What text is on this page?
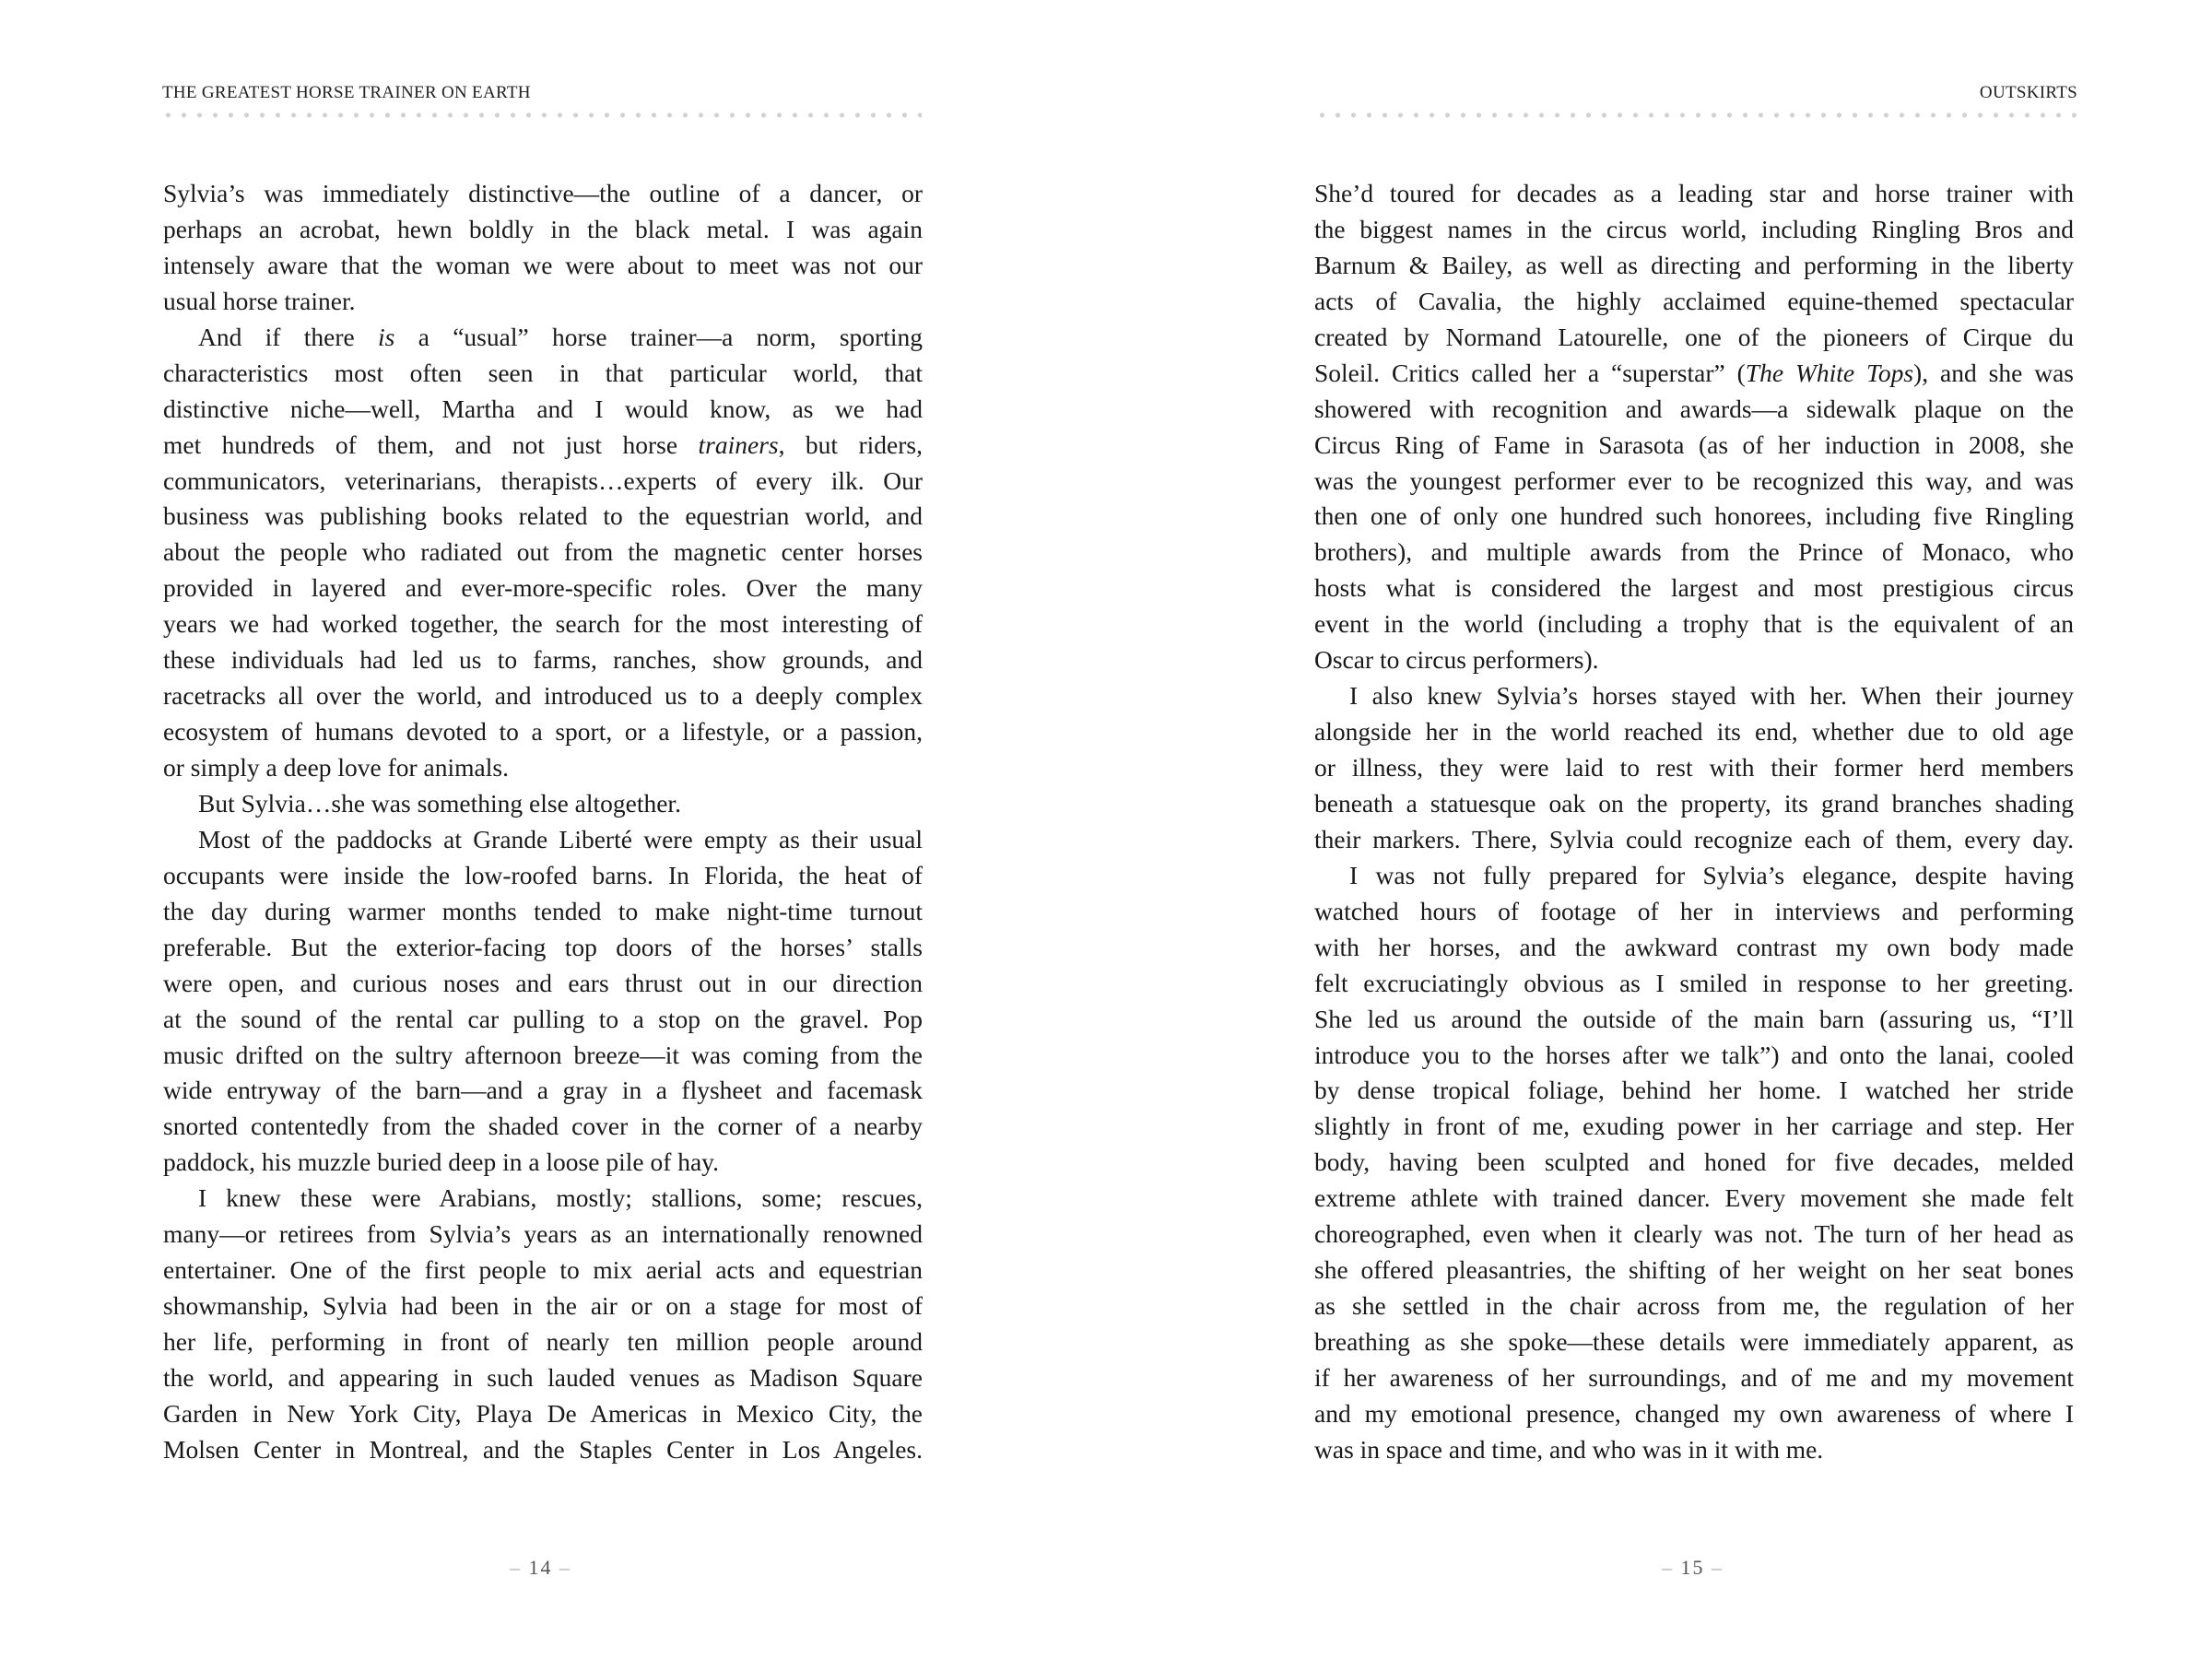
THE GREATEST HORSE TRAINER ON EARTH
Sylvia’s was immediately distinctive—the outline of a dancer, or
perhaps an acrobat, hewn boldly in the black metal. I was again
intensely aware that the woman we were about to meet was not our
usual horse trainer.
And if there is a “usual” horse trainer—a norm, sporting
characteristics most often seen in that particular world, that
distinctive niche—well, Martha and I would know, as we had
met hundreds of them, and not just horse trainers, but riders,
communicators, veterinarians, therapists…experts of every ilk. Our
business was publishing books related to the equestrian world, and
about the people who radiated out from the magnetic center horses
provided in layered and ever-more-specific roles. Over the many
years we had worked together, the search for the most interesting of
these individuals had led us to farms, ranches, show grounds, and
racetracks all over the world, and introduced us to a deeply complex
ecosystem of humans devoted to a sport, or a lifestyle, or a passion,
or simply a deep love for animals.
But Sylvia…she was something else altogether.
Most of the paddocks at Grande Liberté were empty as their usual
occupants were inside the low-roofed barns. In Florida, the heat of
the day during warmer months tended to make night-time turnout
preferable. But the exterior-facing top doors of the horses’ stalls
were open, and curious noses and ears thrust out in our direction
at the sound of the rental car pulling to a stop on the gravel. Pop
music drifted on the sultry afternoon breeze—it was coming from the
wide entryway of the barn—and a gray in a flysheet and facemask
snorted contentedly from the shaded cover in the corner of a nearby
paddock, his muzzle buried deep in a loose pile of hay.
I knew these were Arabians, mostly; stallions, some; rescues,
many—or retirees from Sylvia’s years as an internationally renowned
entertainer. One of the first people to mix aerial acts and equestrian
showmanship, Sylvia had been in the air or on a stage for most of
her life, performing in front of nearly ten million people around
the world, and appearing in such lauded venues as Madison Square
Garden in New York City, Playa De Americas in Mexico City, the
Molsen Center in Montreal, and the Staples Center in Los Angeles.
– 14 –
OUTSKIRTS
She’d toured for decades as a leading star and horse trainer with
the biggest names in the circus world, including Ringling Bros and
Barnum & Bailey, as well as directing and performing in the liberty
acts of Cavalia, the highly acclaimed equine-themed spectacular
created by Normand Latourelle, one of the pioneers of Cirque du
Soleil. Critics called her a “superstar” (The White Tops), and she was
showered with recognition and awards—a sidewalk plaque on the
Circus Ring of Fame in Sarasota (as of her induction in 2008, she
was the youngest performer ever to be recognized this way, and was
then one of only one hundred such honorees, including five Ringling
brothers), and multiple awards from the Prince of Monaco, who
hosts what is considered the largest and most prestigious circus
event in the world (including a trophy that is the equivalent of an
Oscar to circus performers).
I also knew Sylvia’s horses stayed with her. When their journey
alongside her in the world reached its end, whether due to old age
or illness, they were laid to rest with their former herd members
beneath a statuesque oak on the property, its grand branches shading
their markers. There, Sylvia could recognize each of them, every day.
I was not fully prepared for Sylvia’s elegance, despite having
watched hours of footage of her in interviews and performing
with her horses, and the awkward contrast my own body made
felt excruciatingly obvious as I smiled in response to her greeting.
She led us around the outside of the main barn (assuring us, “I’ll
introduce you to the horses after we talk”) and onto the lanai, cooled
by dense tropical foliage, behind her home. I watched her stride
slightly in front of me, exuding power in her carriage and step. Her
body, having been sculpted and honed for five decades, melded
extreme athlete with trained dancer. Every movement she made felt
choreographed, even when it clearly was not. The turn of her head as
she offered pleasantries, the shifting of her weight on her seat bones
as she settled in the chair across from me, the regulation of her
breathing as she spoke—these details were immediately apparent, as
if her awareness of her surroundings, and of me and my movement
and my emotional presence, changed my own awareness of where I
was in space and time, and who was in it with me.
– 15 –
